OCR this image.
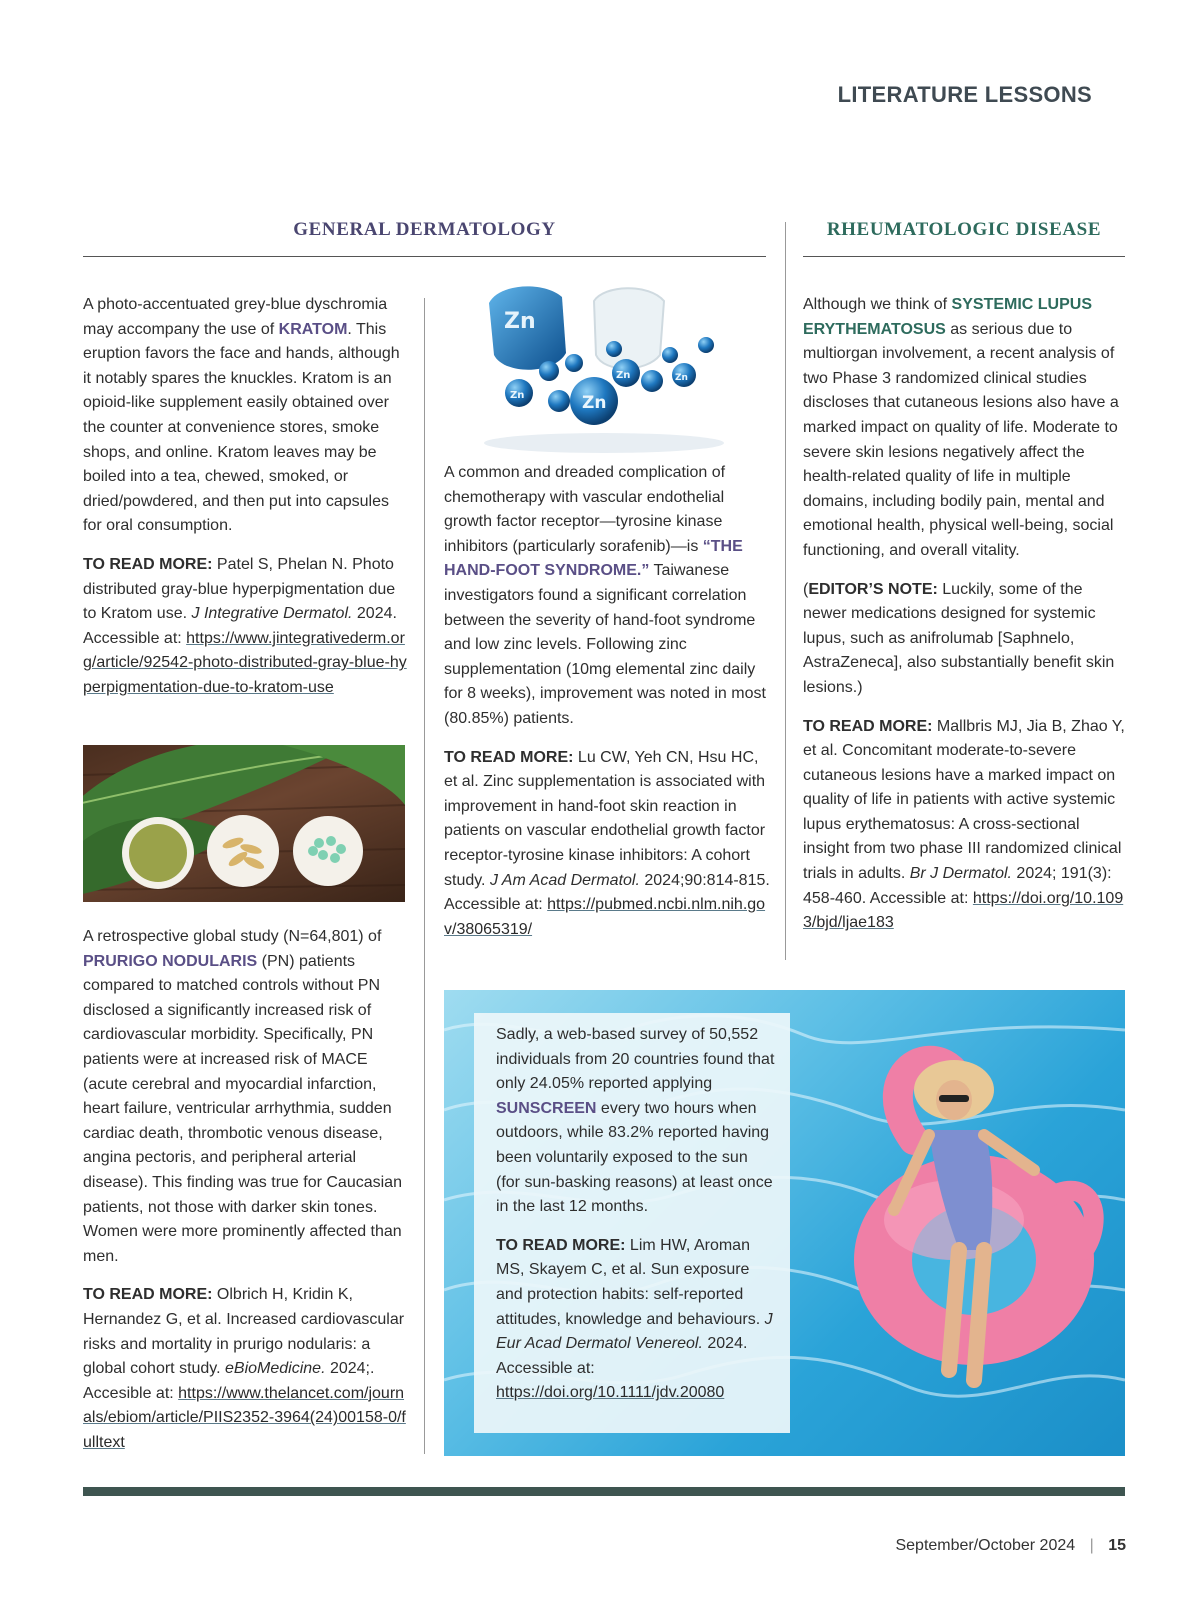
LITERATURE LESSONS
GENERAL DERMATOLOGY	RHEUMATOLOGIC DISEASE

A photo-accentuated grey-blue dyschromia may accompany the use of KRATOM. This eruption favors the face and hands, although it notably spares the knuckles. Kratom is an opioid-like supplement easily obtained over the counter at convenience stores, smoke shops, and online. Kratom leaves may be boiled into a tea, chewed, smoked, or dried/powdered, and then put into capsules for oral consumption.

TO READ MORE: Patel S, Phelan N. Photo distributed gray-blue hyperpigmentation due to Kratom use. J Integrative Dermatol. 2024. Accessible at: https://www.jintegrativederm.org/article/92542-photo-distributed-gray-blue-hyperpigmentation-due-to-kratom-use

A retrospective global study (N=64,801) of PRURIGO NODULARIS (PN) patients compared to matched controls without PN disclosed a significantly increased risk of cardiovascular morbidity. Specifically, PN patients were at increased risk of MACE (acute cerebral and myocardial infarction, heart failure, ventricular arrhythmia, sudden cardiac death, thrombotic venous disease, angina pectoris, and peripheral arterial disease). This finding was true for Caucasian patients, not those with darker skin tones. Women were more prominently affected than men.

TO READ MORE: Olbrich H, Kridin K, Hernandez G, et al. Increased cardiovascular risks and mortality in prurigo nodularis: a global cohort study. eBioMedicine. 2024;. Accesible at: https://www.thelancet.com/journals/ebiom/article/PIIS2352-3964(24)00158-0/fulltext

Zn
Zn
Zn
Zn	Zn

A common and dreaded complication of chemotherapy with vascular endothelial growth factor receptor—tyrosine kinase inhibitors (particularly sorafenib)—is “THE HAND-FOOT SYNDROME.” Taiwanese investigators found a significant correlation between the severity of hand-foot syndrome and low zinc levels. Following zinc supplementation (10mg elemental zinc daily for 8 weeks), improvement was noted in most (80.85%) patients.

TO READ MORE: Lu CW, Yeh CN, Hsu HC, et al. Zinc supplementation is associated with improvement in hand-foot skin reaction in patients on vascular endothelial growth factor receptor-tyrosine kinase inhibitors: A cohort study. J Am Acad Dermatol. 2024;90:814-815. Accessible at: https://pubmed.ncbi.nlm.nih.gov/38065319/

Although we think of SYSTEMIC LUPUS ERYTHEMATOSUS as serious due to multiorgan involvement, a recent analysis of two Phase 3 randomized clinical studies discloses that cutaneous lesions also have a marked impact on quality of life. Moderate to severe skin lesions negatively affect the health-related quality of life in multiple domains, including bodily pain, mental and emotional health, physical well-being, social functioning, and overall vitality.

(EDITOR’S NOTE: Luckily, some of the newer medications designed for systemic lupus, such as anifrolumab [Saphnelo, AstraZeneca], also substantially benefit skin lesions.)

TO READ MORE: Mallbris MJ, Jia B, Zhao Y, et al. Concomitant moderate-to-severe cutaneous lesions have a marked impact on quality of life in patients with active systemic lupus erythematosus: A cross-sectional insight from two phase III randomized clinical trials in adults. Br J Dermatol. 2024; 191(3): 458-460. Accessible at: https://doi.org/10.1093/bjd/ljae183

Sadly, a web-based survey of 50,552 individuals from 20 countries found that only 24.05% reported applying SUNSCREEN every two hours when outdoors, while 83.2% reported having been voluntarily exposed to the sun (for sun-basking reasons) at least once in the last 12 months.

TO READ MORE: Lim HW, Aroman MS, Skayem C, et al. Sun exposure and protection habits: self-reported attitudes, knowledge and behaviours. J Eur Acad Dermatol Venereol. 2024. Accessible at: https://doi.org/10.1111/jdv.20080

September/October 2024 | 15
